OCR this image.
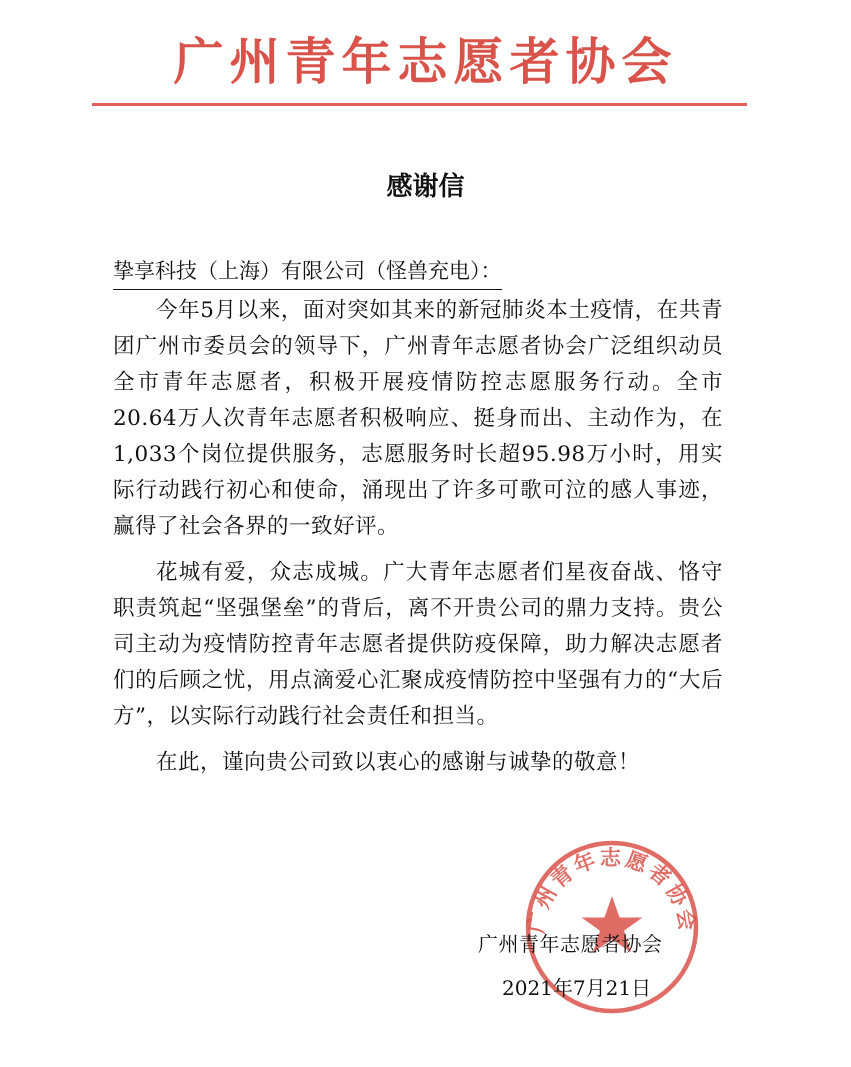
广州青年志愿者协会
感谢信
挚享科技（上海）有限公司（怪兽充电）：

今年5月以来，面对突如其来的新冠肺炎本土疫情，在共青团广州市委员会的领导下，广州青年志愿者协会广泛组织动员全市青年志愿者，积极开展疫情防控志愿服务行动。全市20.64万人次青年志愿者积极响应、挺身而出、主动作为，在1,033个岗位提供服务，志愿服务时长超95.98万小时，用实际行动践行初心和使命，涌现出了许多可歌可泣的感人事迹，赢得了社会各界的一致好评。

花城有爱，众志成城。广大青年志愿者们星夜奋战、恪守职责筑起“坚强堡垒”的背后，离不开贵公司的鼎力支持。贵公司主动为疫情防控青年志愿者提供防疫保障，助力解决志愿者们的后顾之忧，用点滴爱心汇聚成疫情防控中坚强有力的“大后方”，以实际行动践行社会责任和担当。

在此，谨向贵公司致以衷心的感谢与诚挚的敬意！

广州青年志愿者协会
广州青年志愿者协会
2021年7月21日
